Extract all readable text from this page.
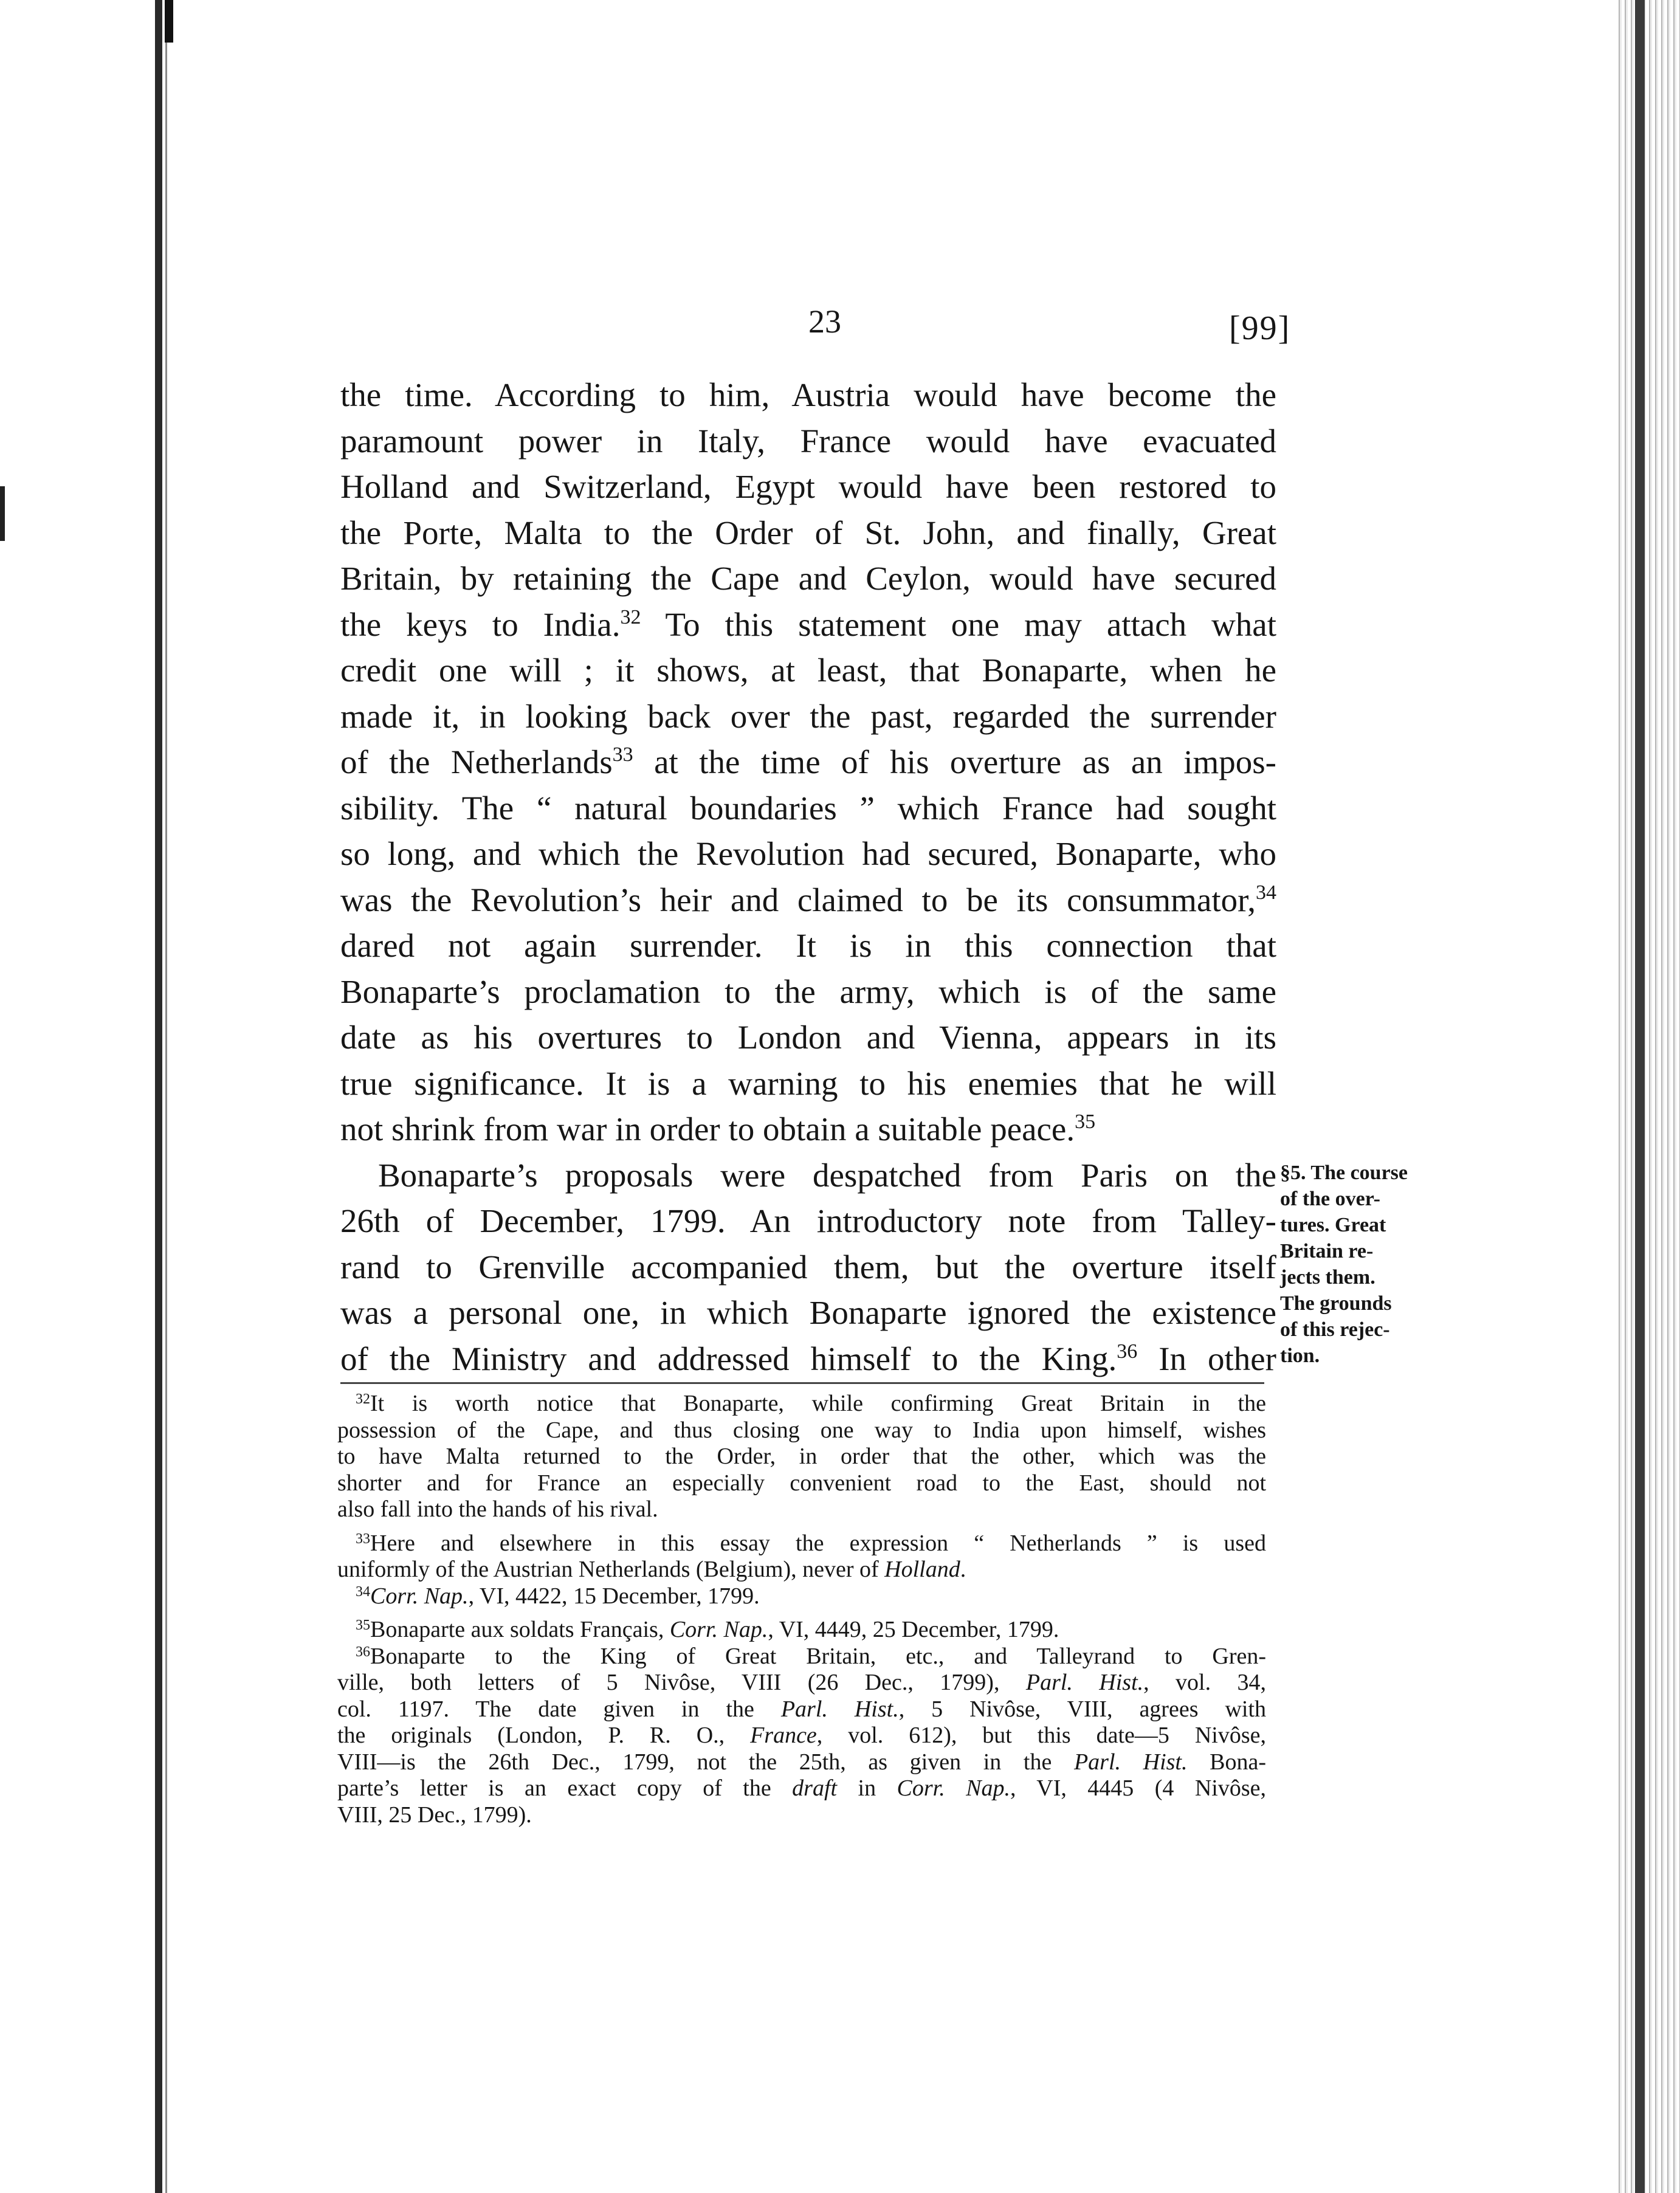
23	[99]
the time. According to him, Austria would have become the
paramount power in Italy, France would have evacuated
Holland and Switzerland, Egypt would have been restored to
the Porte, Malta to the Order of St. John, and finally, Great
Britain, by retaining the Cape and Ceylon, would have secured
the keys to India.$^{32}$ To this statement one may attach what
credit one will ; it shows, at least, that Bonaparte, when he
made it, in looking back over the past, regarded the surrender
of the Netherlands$^{33}$ at the time of his overture as an impos-
sibility. The “ natural boundaries ” which France had sought
so long, and which the Revolution had secured, Bonaparte, who
was the Revolution’s heir and claimed to be its consummator,$^{34}$
dared not again surrender. It is in this connection that
Bonaparte’s proclamation to the army, which is of the same
date as his overtures to London and Vienna, appears in its
true significance. It is a warning to his enemies that he will
not shrink from war in order to obtain a suitable peace.$^{35}$
Bonaparte’s proposals were despatched from Paris on the
26th of December, 1799. An introductory note from Talley-
rand to Grenville accompanied them, but the overture itself
was a personal one, in which Bonaparte ignored the existence
of the Ministry and addressed himself to the King.$^{36}$ In other
§5. The course
of the over-
tures. Great
Britain re-
jects them.
The grounds
of this rejec-
tion.
$^{32}$It is worth notice that Bonaparte, while confirming Great Britain in the
possession of the Cape, and thus closing one way to India upon himself, wishes
to have Malta returned to the Order, in order that the other, which was the
shorter and for France an especially convenient road to the East, should not
also fall into the hands of his rival.
$^{33}$Here and elsewhere in this essay the expression “ Netherlands ” is used
uniformly of the Austrian Netherlands (Belgium), never of Holland.
$^{34}$Corr. Nap., VI, 4422, 15 December, 1799.
$^{35}$Bonaparte aux soldats Français, Corr. Nap., VI, 4449, 25 December, 1799.
$^{36}$Bonaparte to the King of Great Britain, etc., and Talleyrand to Gren-
ville, both letters of 5 Nivôse, VIII (26 Dec., 1799), Parl. Hist., vol. 34,
col. 1197. The date given in the Parl. Hist., 5 Nivôse, VIII, agrees with
the originals (London, P. R. O., France, vol. 612), but this date—5 Nivôse,
VIII—is the 26th Dec., 1799, not the 25th, as given in the Parl. Hist. Bona-
parte’s letter is an exact copy of the draft in Corr. Nap., VI, 4445 (4 Nivôse,
VIII, 25 Dec., 1799).
